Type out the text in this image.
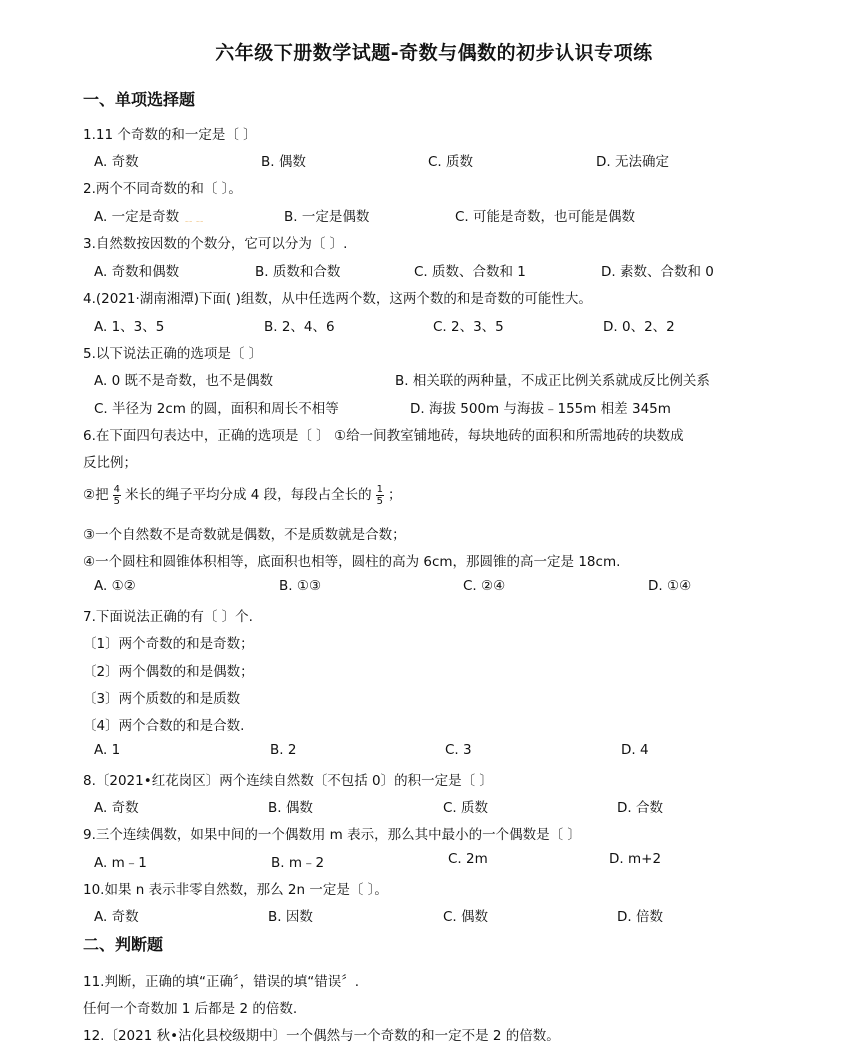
六年级下册数学试题-奇数与偶数的初步认识专项练
一、单项选择题
1.11 个奇数的和一定是〔 〕
A. 奇数	B. 偶数	C. 质数	D. 无法确定
2.两个不同奇数的和〔 〕。
A. 一定是奇数 ﹎﹎	B. 一定是偶数	C. 可能是奇数，也可能是偶数
3.自然数按因数的个数分，它可以分为〔 〕.
A. 奇数和偶数	B. 质数和合数	C. 质数、合数和 1	D. 素数、合数和 0
4.(2021·湖南湘潭)下面( )组数，从中任选两个数，这两个数的和是奇数的可能性大。
A. 1、3、5	B. 2、4、6	C. 2、3、5	D. 0、2、2
5.以下说法正确的选项是〔 〕
A. 0 既不是奇数，也不是偶数	B. 相关联的两种量，不成正比例关系就成反比例关系
C. 半径为 2cm 的圆，面积和周长不相等	D. 海拔 500m 与海拔﹣155m 相差 345m
6.在下面四句表达中，正确的选项是〔 〕 ①给一间教室铺地砖，每块地砖的面积和所需地砖的块数成
反比例；
②把 $\frac{4}{5}$ 米长的绳子平均分成 4 段，每段占全长的 $\frac{1}{5}$ ；
③一个自然数不是奇数就是偶数，不是质数就是合数；
④一个圆柱和圆锥体积相等，底面积也相等，圆柱的高为 6cm，那圆锥的高一定是 18cm.
A. ①②	B. ①③	C. ②④	D. ①④
7.下面说法正确的有〔 〕个.
〔1〕两个奇数的和是奇数；
〔2〕两个偶数的和是偶数；
〔3〕两个质数的和是质数
〔4〕两个合数的和是合数.
A. 1	B. 2	C. 3	D. 4
8.〔2021•红花岗区〕两个连续自然数〔不包括 0〕的积一定是〔 〕
A. 奇数	B. 偶数	C. 质数	D. 合数
9.三个连续偶数，如果中间的一个偶数用 m 表示，那么其中最小的一个偶数是〔 〕
A. m﹣1	B. m﹣2	C. 2m	D. m+2
10.如果 n 表示非零自然数，那么 2n 一定是〔 〕。
A. 奇数	B. 因数	C. 偶数	D. 倍数
二、判断题
11.判断，正确的填“正确〞，错误的填“错误〞.
任何一个奇数加 1 后都是 2 的倍数.
12.〔2021 秋•沾化县校级期中〕一个偶然与一个奇数的和一定不是 2 的倍数。
